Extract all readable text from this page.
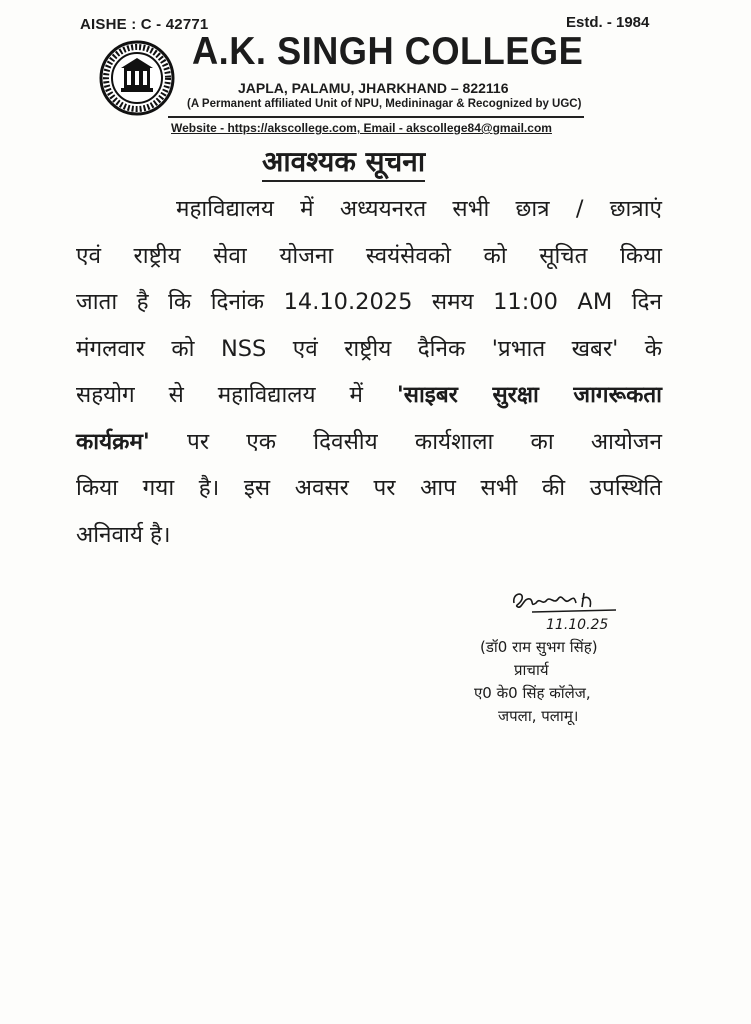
AISHE : C - 42771	Estd. - 1984
A.K. SINGH COLLEGE
JAPLA, PALAMU, JHARKHAND – 822116
(A Permanent affiliated Unit of NPU, Medininagar & Recognized by UGC)
Website - https://akscollege.com, Email - akscollege84@gmail.com
आवश्यक सूचना
महाविद्यालय में अध्ययनरत सभी छात्र / छात्राएं
एवं राष्ट्रीय सेवा योजना स्वयंसेवको को सूचित किया
जाता है कि दिनांक 14.10.2025 समय 11:00 AM दिन
मंगलवार को NSS एवं राष्ट्रीय दैनिक 'प्रभात खबर' के
सहयोग से महाविद्यालय में 'साइबर सुरक्षा जागरूकता
कार्यक्रम' पर एक दिवसीय कार्यशाला का आयोजन
किया गया है। इस अवसर पर आप सभी की उपस्थिति
अनिवार्य है।
11.10.25
(डॉ0 राम सुभग सिंह)
प्राचार्य
ए0 के0 सिंह कॉलेज,
जपला, पलामू।
